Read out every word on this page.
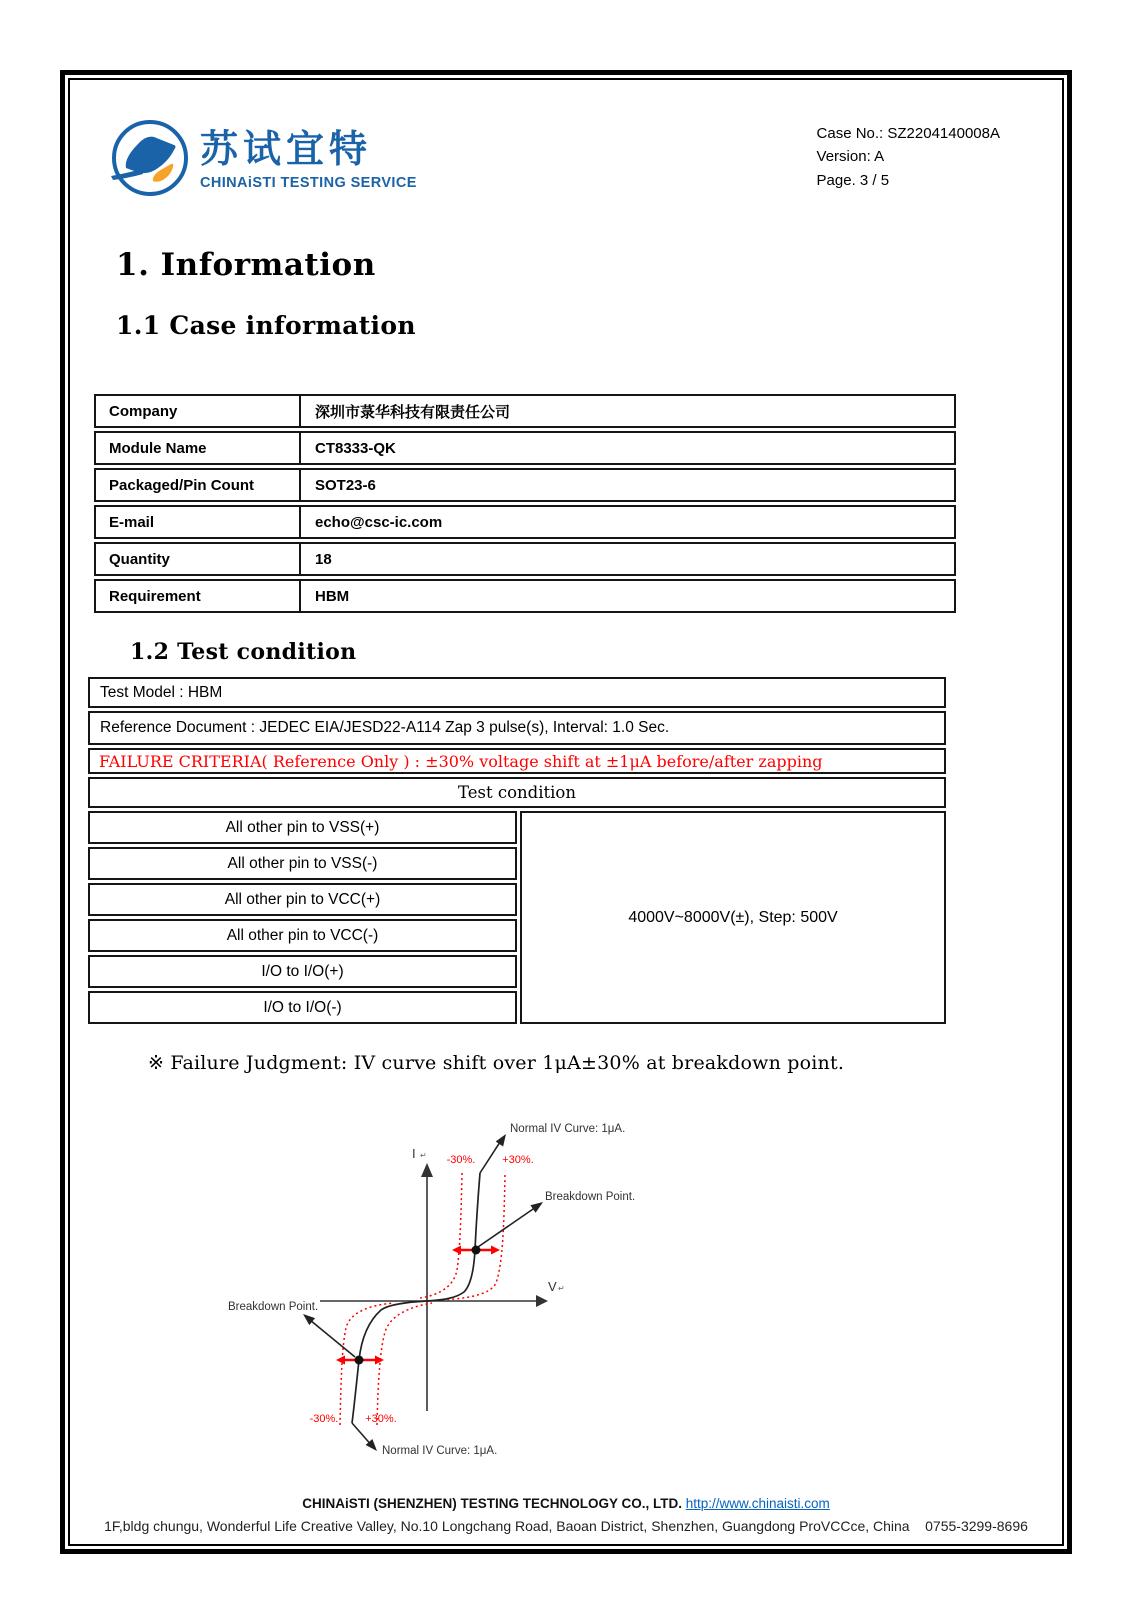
苏试宜特
CHINAiSTI TESTING SERVICE
Case No.: SZ2204140008A
Version: A
Page. 3 / 5
1. Information
1.1 Case information
Company	深圳市菉华科技有限责任公司
Module Name	CT8333-QK
Packaged/Pin Count	SOT23-6
E-mail	echo@csc-ic.com
Quantity	18
Requirement	HBM
1.2 Test condition
Test Model : HBM
Reference Document : JEDEC EIA/JESD22-A114 Zap 3 pulse(s), Interval: 1.0 Sec.
FAILURE CRITERIA( Reference Only ) : ±30% voltage shift at ±1μA before/after zapping
Test condition
All other pin to VSS(+)
All other pin to VSS(-)
All other pin to VCC(+)
All other pin to VCC(-)
I/O to I/O(+)
I/O to I/O(-)
4000V~8000V(±), Step: 500V
※ Failure Judgment: IV curve shift over 1μA±30% at breakdown point.
I ↵
V ↵
Normal IV Curve: 1μA.
-30%. +30%.
Breakdown Point.
Breakdown Point.
-30%. +30%.
Normal IV Curve: 1μA.
CHINAiSTI (SHENZHEN) TESTING TECHNOLOGY CO., LTD. http://www.chinaisti.com
1F,bldg chungu, Wonderful Life Creative Valley, No.10 Longchang Road, Baoan District, Shenzhen, Guangdong ProVCCce, China    0755-3299-8696
